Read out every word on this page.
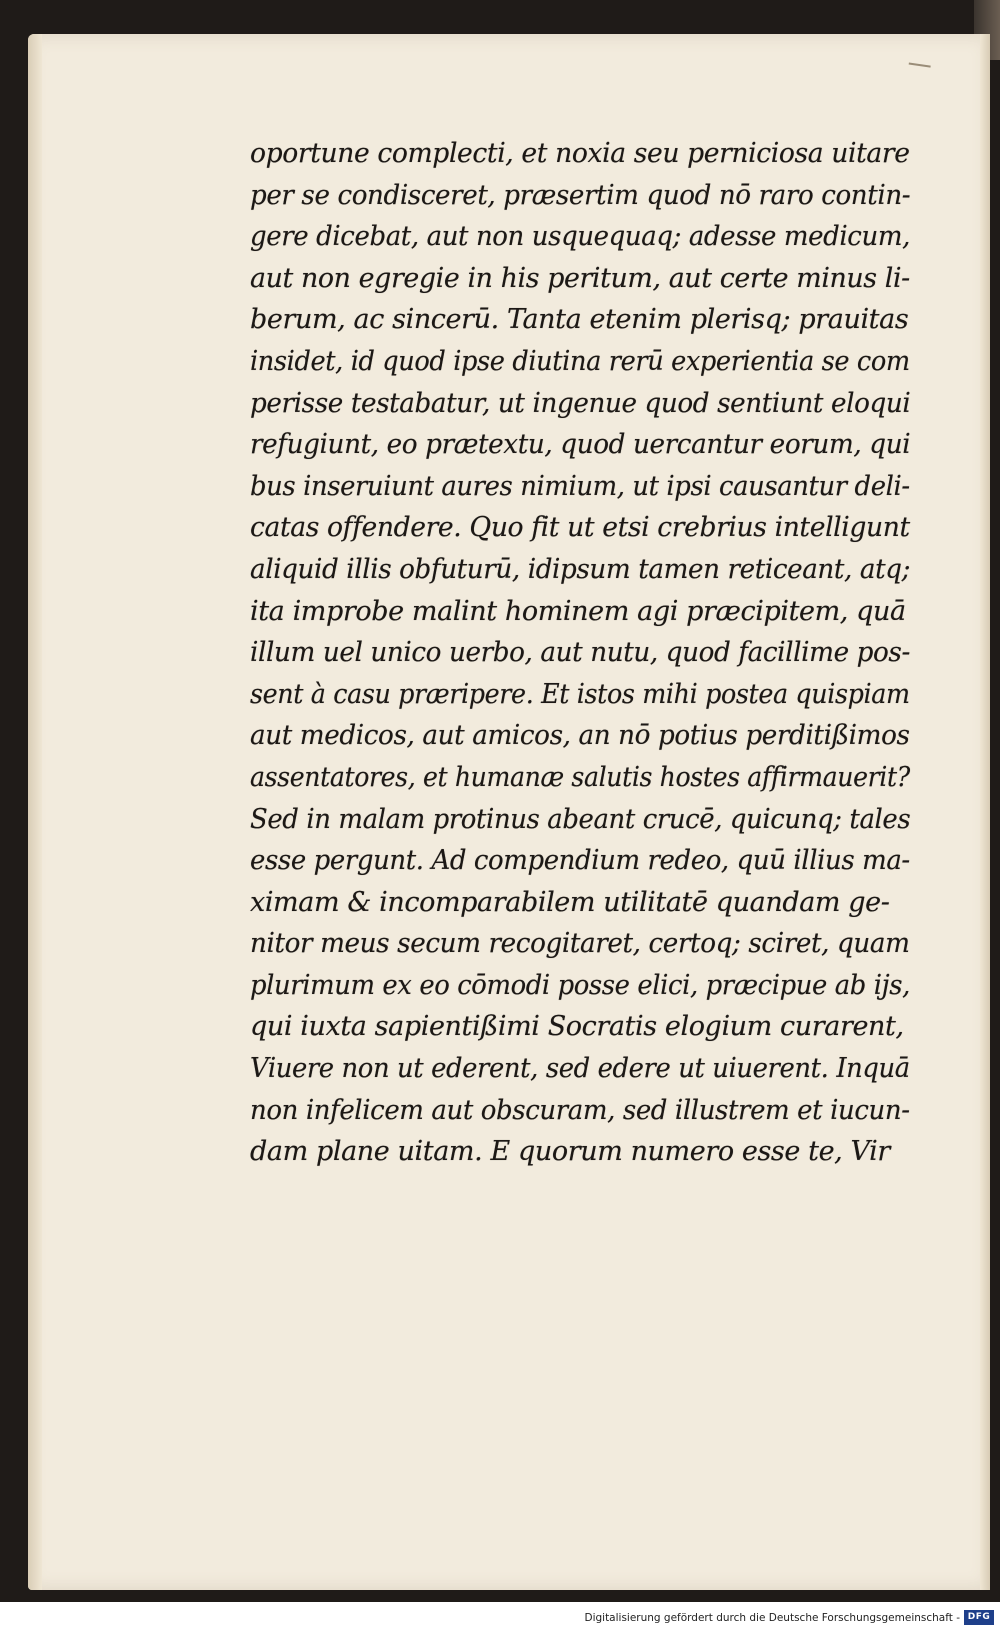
oportune complecti, et noxia seu perniciosa uitare
per se condisceret, præsertim quod nō raro contin-
gere dicebat, aut non usquequaq; adesse medicum,
aut non egregie in his peritum, aut certe minus li-
berum, ac sincerū. Tanta etenim plerisq; prauitas
insidet, id quod ipse diutina rerū experientia se com
perisse testabatur, ut ingenue quod sentiunt eloqui
refugiunt, eo prætextu, quod uercantur eorum, qui
bus inseruiunt aures nimium, ut ipsi causantur deli-
catas offendere. Quo fit ut etsi crebrius intelligunt
aliquid illis obfuturū, idipsum tamen reticeant, atq;
ita improbe malint hominem agi præcipitem, quā
illum uel unico uerbo, aut nutu, quod facillime pos-
sent à casu præripere. Et istos mihi postea quispiam
aut medicos, aut amicos, an nō potius perditißimos
assentatores, et humanæ salutis hostes affirmauerit?
Sed in malam protinus abeant crucē, quicunq; tales
esse pergunt. Ad compendium redeo, quū illius ma-
ximam & incomparabilem utilitatē quandam ge-
nitor meus secum recogitaret, certoq; sciret, quam
plurimum ex eo cōmodi posse elici, præcipue ab ijs,
qui iuxta sapientißimi Socratis elogium curarent,
Viuere non ut ederent, sed edere ut uiuerent. Inquā
non infelicem aut obscuram, sed illustrem et iucun-
dam plane uitam. E quorum numero esse te, Vir
Digitalisierung gefördert durch die Deutsche Forschungsgemeinschaft - DFG
